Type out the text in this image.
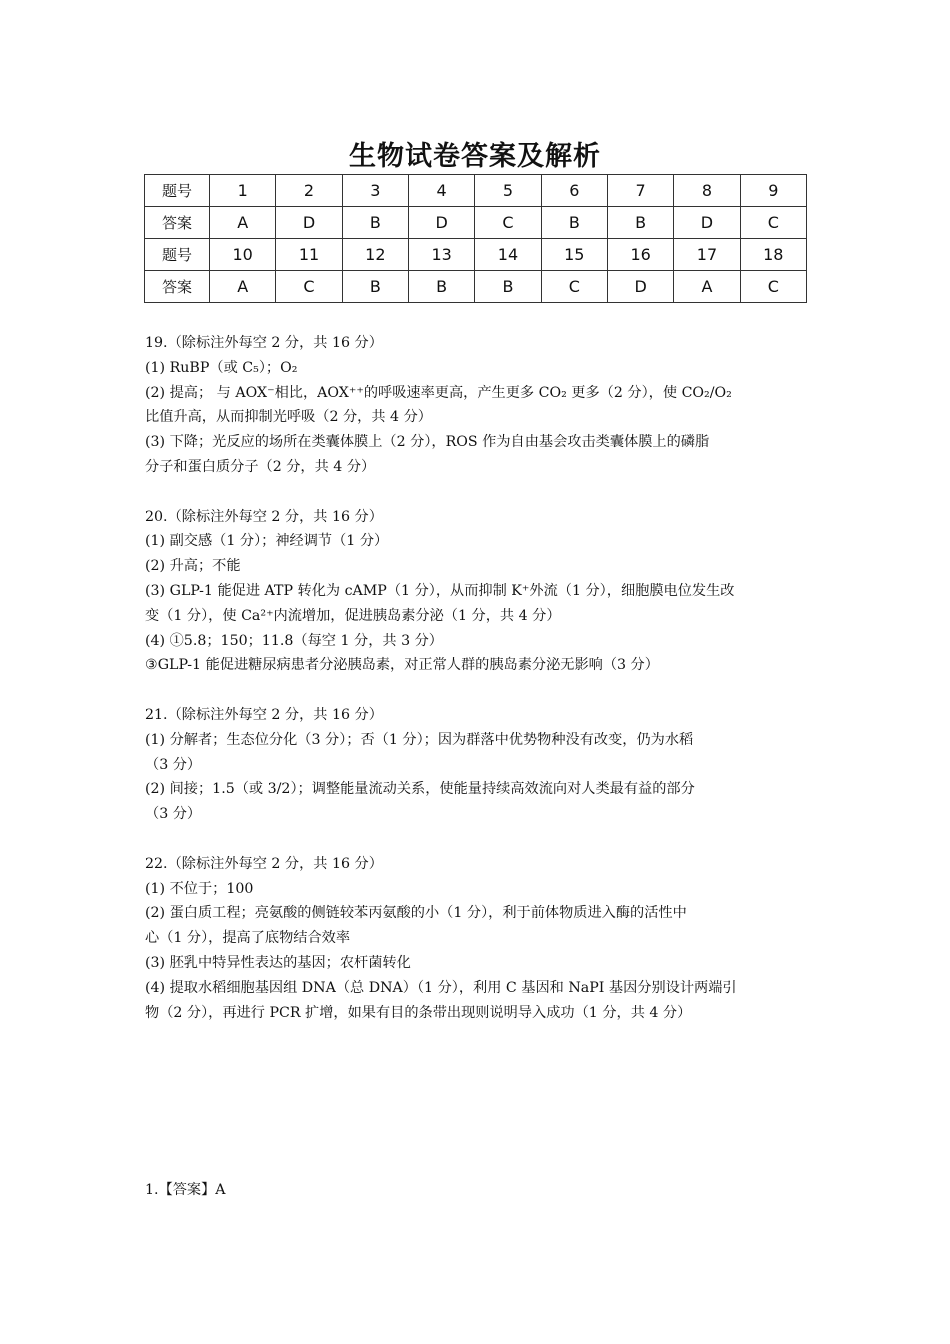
生物试卷答案及解析
题号	1	2	3	4	5	6	7	8	9
答案	A	D	B	D	C	B	B	D	C
题号	10	11	12	13	14	15	16	17	18
答案	A	C	B	B	B	C	D	A	C
19.（除标注外每空 2 分，共 16 分）
(1) RuBP（或 C₅）；O₂
(2) 提高； 与 AOX⁻相比，AOX⁺⁺的呼吸速率更高，产生更多 CO₂ 更多（2 分），使 CO₂/O₂
比值升高，从而抑制光呼吸（2 分，共 4 分）
(3) 下降；光反应的场所在类囊体膜上（2 分），ROS 作为自由基会攻击类囊体膜上的磷脂
分子和蛋白质分子（2 分，共 4 分）
20.（除标注外每空 2 分，共 16 分）
(1) 副交感（1 分）；神经调节（1 分）
(2) 升高；不能
(3) GLP-1 能促进 ATP 转化为 cAMP（1 分），从而抑制 K⁺外流（1 分），细胞膜电位发生改
变（1 分），使 Ca²⁺内流增加，促进胰岛素分泌（1 分，共 4 分）
(4) ①5.8；150；11.8（每空 1 分，共 3 分）
③GLP-1 能促进糖尿病患者分泌胰岛素，对正常人群的胰岛素分泌无影响（3 分）
21.（除标注外每空 2 分，共 16 分）
(1) 分解者；生态位分化（3 分）；否（1 分）；因为群落中优势物种没有改变，仍为水稻
（3 分）
(2) 间接；1.5（或 3/2）；调整能量流动关系，使能量持续高效流向对人类最有益的部分
（3 分）
22.（除标注外每空 2 分，共 16 分）
(1) 不位于；100
(2) 蛋白质工程；亮氨酸的侧链较苯丙氨酸的小（1 分），利于前体物质进入酶的活性中
心（1 分），提高了底物结合效率
(3) 胚乳中特异性表达的基因；农杆菌转化
(4) 提取水稻细胞基因组 DNA（总 DNA）（1 分），利用 C 基因和 NaPI 基因分别设计两端引
物（2 分），再进行 PCR 扩增，如果有目的条带出现则说明导入成功（1 分，共 4 分）
1.【答案】A
